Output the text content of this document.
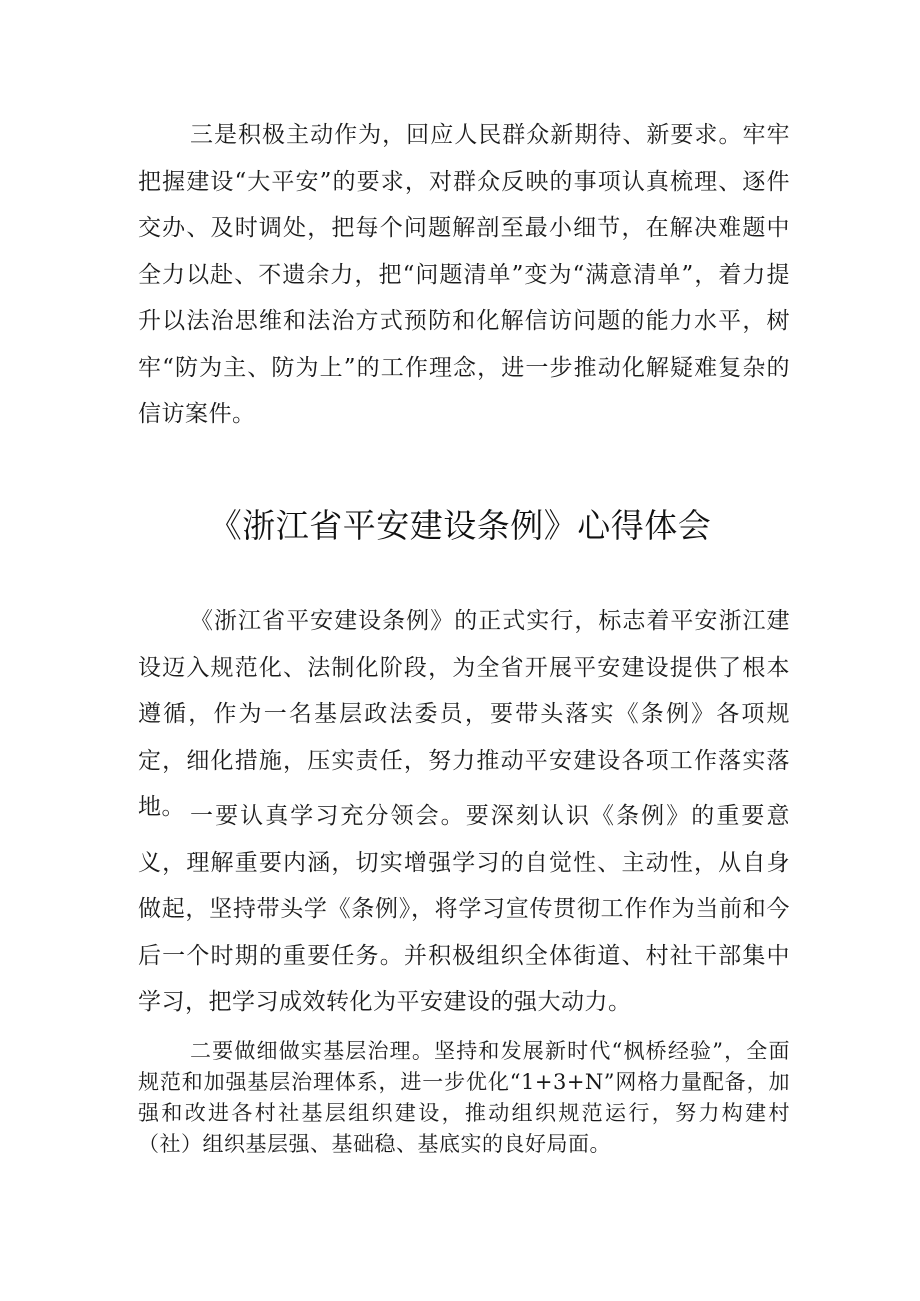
三是积极主动作为，回应人民群众新期待、新要求。牢牢把握建设“大平安”的要求，对群众反映的事项认真梳理、逐件交办、及时调处，把每个问题解剖至最小细节，在解决难题中全力以赴、不遗余力，把“问题清单”变为“满意清单”，着力提升以法治思维和法治方式预防和化解信访问题的能力水平，树牢“防为主、防为上”的工作理念，进一步推动化解疑难复杂的信访案件。

《浙江省平安建设条例》心得体会

《浙江省平安建设条例》的正式实行，标志着平安浙江建设迈入规范化、法制化阶段，为全省开展平安建设提供了根本遵循，作为一名基层政法委员，要带头落实《条例》各项规定，细化措施，压实责任，努力推动平安建设各项工作落实落地。 一要认真学习充分领会。要深刻认识《条例》的重要意义，理解重要内涵，切实增强学习的自觉性、主动性，从自身做起，坚持带头学《条例》，将学习宣传贯彻工作作为当前和今后一个时期的重要任务。并积极组织全体街道、村社干部集中学习，把学习成效转化为平安建设的强大动力。

二要做细做实基层治理。坚持和发展新时代“枫桥经验”，全面规范和加强基层治理体系，进一步优化“1+3+N”网格力量配备，加强和改进各村社基层组织建设，推动组织规范运行，努力构建村（社）组织基层强、基础稳、基底实的良好局面。
